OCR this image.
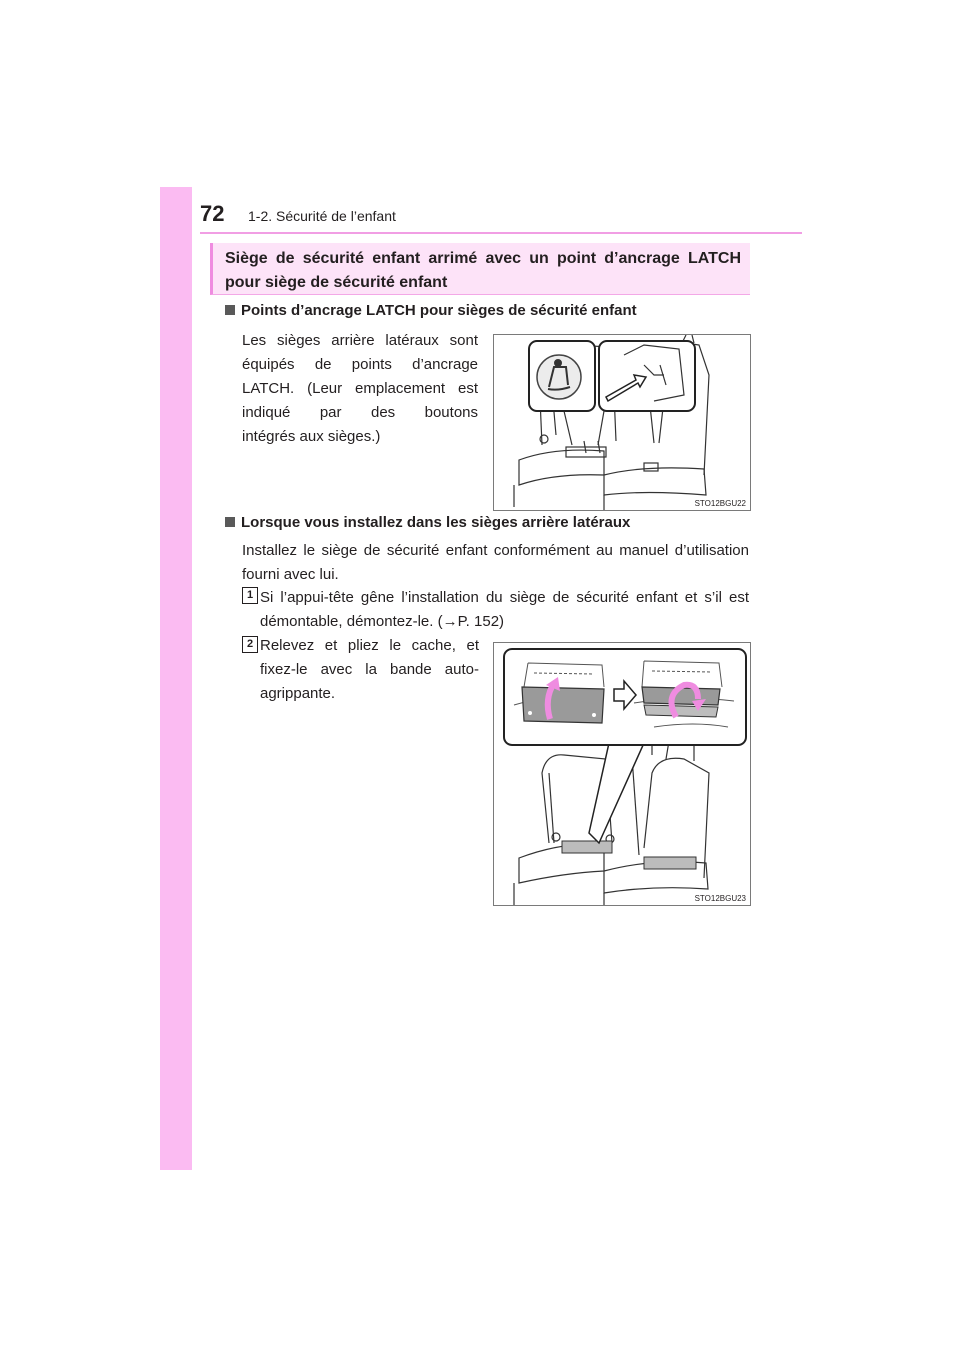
72 1-2. Sécurité de l’enfant

Siège de sécurité enfant arrimé avec un point d’ancrage LATCH pour siège de sécurité enfant

Points d’ancrage LATCH pour sièges de sécurité enfant

Les sièges arrière latéraux sont

équipés de points d’ancrage

LATCH. (Leur emplacement est

indiqué par des boutons

intégrés aux sièges.)

STO12BGU22
Lorsque vous installez dans les sièges arrière latéraux

Installez le siège de sécurité enfant conformément au manuel d’utilisation fourni avec lui.

1 Si l’appui-tête gêne l’installation du siège de sécurité enfant et s’il est démontable, démontez-le. (→P. 152)

2 Relevez et pliez le cache, et

fixez-le avec la bande auto-

agrippante.

STO12BGU23
